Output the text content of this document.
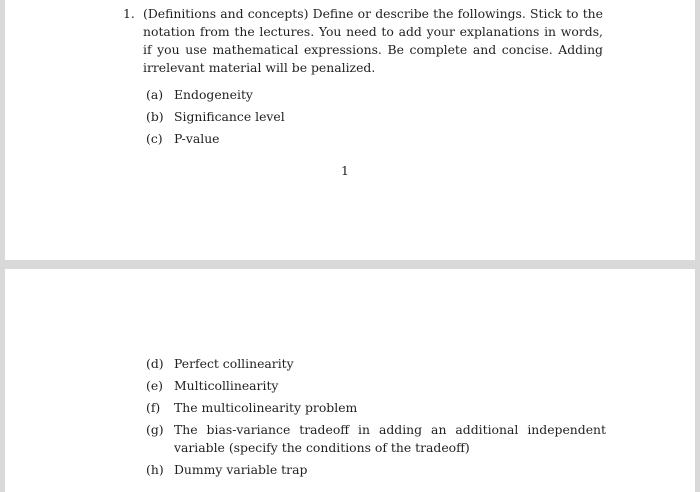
1. (Definitions and concepts) Define or describe the followings. Stick to the notation from the lectures. You need to add your explanations in words, if you use mathematical expressions. Be complete and concise. Adding irrelevant material will be penalized.
(a) Endogeneity
(b) Significance level
(c) P-value
1
(d) Perfect collinearity
(e) Multicollinearity
(f) The multicolinearity problem
(g) The bias-variance tradeoff in adding an additional independent variable (specify the conditions of the tradeoff)
(h) Dummy variable trap
